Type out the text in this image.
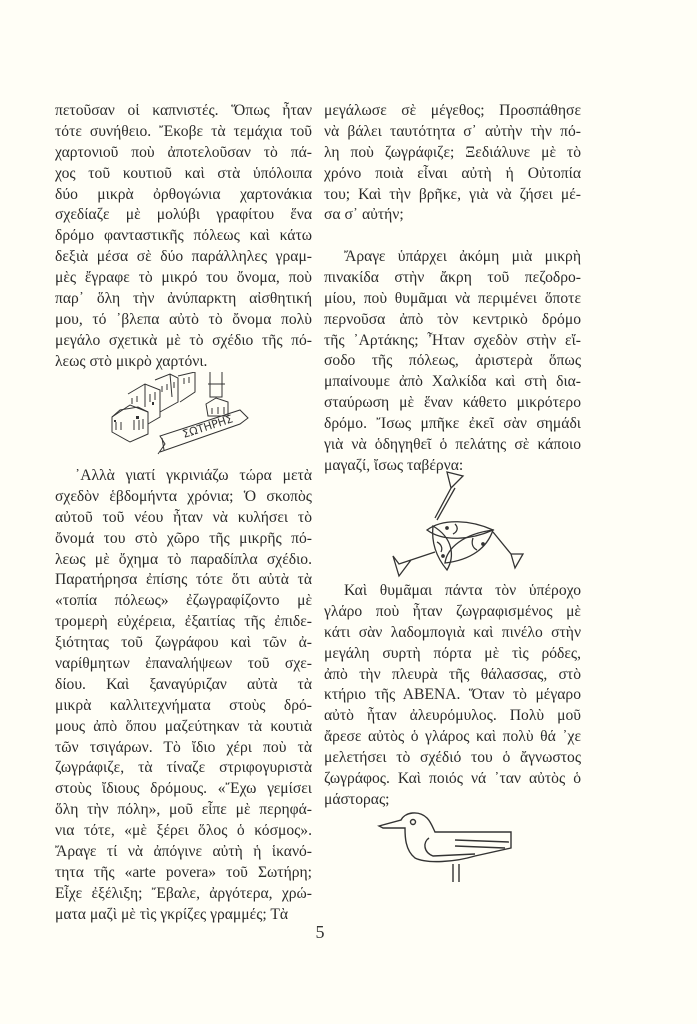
πετοῦσαν οἱ καπνιστές. Ὅπως ἦταν
τότε συνήθειο. Ἔκοβε τὰ τεμάχια τοῦ
χαρτονιοῦ ποὺ ἀποτελοῦσαν τὸ πά-
χος τοῦ κουτιοῦ καὶ στὰ ὑπόλοιπα
δύο μικρὰ ὀρθογώνια χαρτονάκια
σχεδίαζε μὲ μολύβι γραφίτου ἕνα
δρόμο φανταστικῆς πόλεως καὶ κάτω
δεξιὰ μέσα σὲ δύο παράλληλες γραμ-
μὲς ἔγραφε τὸ μικρό του ὄνομα, ποὺ
παρ᾽ ὅλη τὴν ἀνύπαρκτη αἰσθητική
μου, τό ᾽βλεπα αὐτὸ τὸ ὄνομα πολὺ
μεγάλο σχετικὰ μὲ τὸ σχέδιο τῆς πό-
λεως στὸ μικρὸ χαρτόνι.
᾽Αλλὰ γιατί γκρινιάζω τώρα μετὰ
σχεδὸν ἑβδομήντα χρόνια; Ὁ σκοπὸς
αὐτοῦ τοῦ νέου ἦταν νὰ κυλήσει τὸ
ὄνομά του στὸ χῶρο τῆς μικρῆς πό-
λεως μὲ ὄχημα τὸ παραδίπλα σχέδιο.
Παρατήρησα ἐπίσης τότε ὅτι αὐτὰ τὰ
«τοπία πόλεως» ἐζωγραφίζοντο μὲ
τρομερὴ εὐχέρεια, ἐξαιτίας τῆς ἐπιδε-
ξιότητας τοῦ ζωγράφου καὶ τῶν ἀ-
ναρίθμητων ἐπαναλήψεων τοῦ σχε-
δίου. Καὶ ξαναγύριζαν αὐτὰ τὰ
μικρὰ καλλιτεχνήματα στοὺς δρό-
μους ἀπὸ ὅπου μαζεύτηκαν τὰ κουτιὰ
τῶν τσιγάρων. Τὸ ἴδιο χέρι ποὺ τὰ
ζωγράφιζε, τὰ τίναζε στριφογυριστὰ
στοὺς ἴδιους δρόμους. «Ἔχω γεμίσει
ὅλη τὴν πόλη», μοῦ εἶπε μὲ περηφά-
νια τότε, «μὲ ξέρει ὅλος ὁ κόσμος».
Ἄραγε τί νὰ ἀπόγινε αὐτὴ ἡ ἱκανό-
τητα τῆς «arte povera» τοῦ Σωτήρη;
Εἶχε ἐξέλιξη; Ἔβαλε, ἀργότερα, χρώ-
ματα μαζὶ μὲ τὶς γκρίζες γραμμές; Τὰ
ΣΩΤΗΡΗΣ
μεγάλωσε σὲ μέγεθος; Προσπάθησε
νὰ βάλει ταυτότητα σ᾽ αὐτὴν τὴν πό-
λη ποὺ ζωγράφιζε; Ξεδιάλυνε μὲ τὸ
χρόνο ποιὰ εἶναι αὐτὴ ἡ Οὐτοπία
του; Καὶ τὴν βρῆκε, γιὰ νὰ ζήσει μέ-
σα σ᾽ αὐτήν;
Ἄραγε ὑπάρχει ἀκόμη μιὰ μικρὴ
πινακίδα στὴν ἄκρη τοῦ πεζοδρο-
μίου, ποὺ θυμᾶμαι νὰ περιμένει ὅποτε
περνοῦσα ἀπὸ τὸν κεντρικὸ δρόμο
τῆς ᾽Αρτάκης; Ἦταν σχεδὸν στὴν εἴ-
σοδο τῆς πόλεως, ἀριστερὰ ὅπως
μπαίνουμε ἀπὸ Χαλκίδα καὶ στὴ δια-
σταύρωση μὲ ἕναν κάθετο μικρότερο
δρόμο. Ἴσως μπῆκε ἐκεῖ σὰν σημάδι
γιὰ νὰ ὁδηγηθεῖ ὁ πελάτης σὲ κάποιο
μαγαζί, ἴσως ταβέρνα:
Καὶ θυμᾶμαι πάντα τὸν ὑπέροχο
γλάρο ποὺ ἦταν ζωγραφισμένος μὲ
κάτι σὰν λαδομπογιὰ καὶ πινέλο στὴν
μεγάλη συρτὴ πόρτα μὲ τὶς ρόδες,
ἀπὸ τὴν πλευρὰ τῆς θάλασσας, στὸ
κτήριο τῆς ΑΒΕΝΑ. Ὅταν τὸ μέγαρο
αὐτὸ ἦταν ἀλευρόμυλος. Πολὺ μοῦ
ἄρεσε αὐτὸς ὁ γλάρος καὶ πολὺ θά ᾽χε
μελετήσει τὸ σχέδιό του ὁ ἄγνωστος
ζωγράφος. Καὶ ποιός νά ᾽ταν αὐτὸς ὁ
μάστορας;
5
